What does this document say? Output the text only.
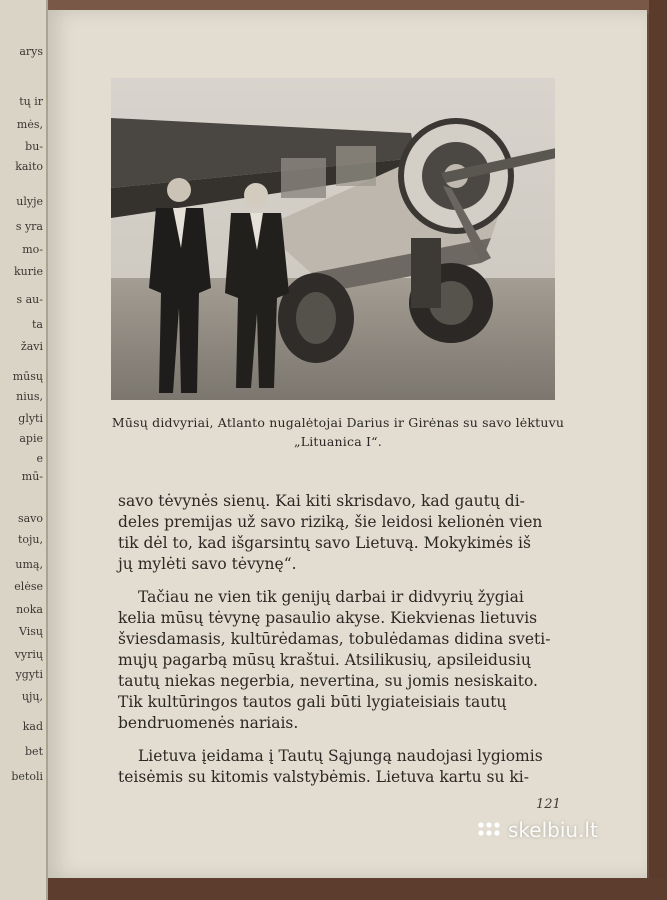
arys
tų ir
mės,
bu-
kaito
ulyje
s yra
mo-
kurie
s au-
ta
žavi
mūsų
nius,
glyti
apie
e
mū-
savo
toju,
umą,
elėse
noka
Visų
vyrių
ygyti
ųjų,
kad
bet
betoli
Mūsų didvyriai, Atlanto nugalėtojai Darius ir Girėnas su savo lėktuvu „Lituanica I“.

savo tėvynės sienų. Kai kiti skrisdavo, kad gautų di-
deles premijas už savo riziką, šie leidosi kelionėn vien
tik dėl to, kad išgarsintų savo Lietuvą. Mokykimės iš
jų mylėti savo tėvynę“.

Tačiau ne vien tik genijų darbai ir didvyrių žygiai
kelia mūsų tėvynę pasaulio akyse. Kiekvienas lietuvis
šviesdamasis, kultūrėdamas, tobulėdamas didina sveti-
mųjų pagarbą mūsų kraštui. Atsilikusių, apsileidusių
tautų niekas negerbia, nevertina, su jomis nesiskaito.
Tik kultūringos tautos gali būti lygiateisiais tautų
bendruomenės nariais.

Lietuva įeidama į Tautų Sąjungą naudojasi lygiomis
teisėmis su kitomis valstybėmis. Lietuva kartu su ki-

121
skelbiu.lt
